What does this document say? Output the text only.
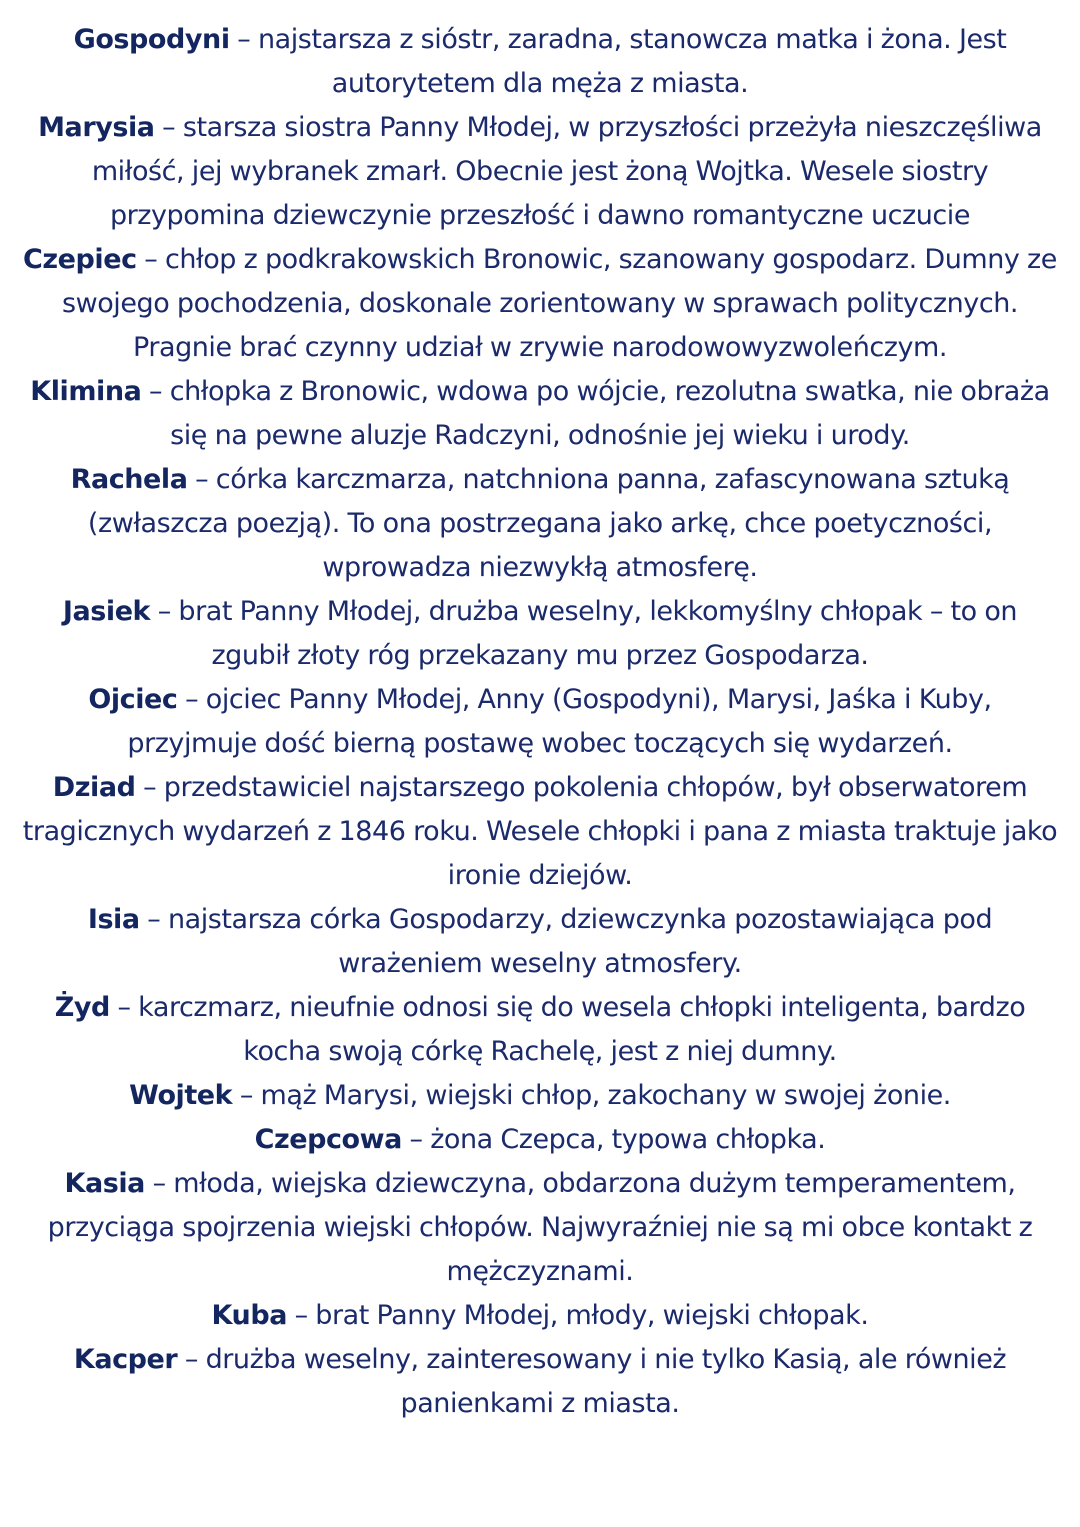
Gospodyni – najstarsza z sióstr, zaradna, stanowcza matka i żona. Jest autorytetem dla męża z miasta.

Marysia – starsza siostra Panny Młodej, w przyszłości przeżyła nieszczęśliwa miłość, jej wybranek zmarł. Obecnie jest żoną Wojtka. Wesele siostry przypomina dziewczynie przeszłość i dawno romantyczne uczucie

Czepiec – chłop z podkrakowskich Bronowic, szanowany gospodarz. Dumny ze swojego pochodzenia, doskonale zorientowany w sprawach politycznych. Pragnie brać czynny udział w zrywie narodowowyzwoleńczym.

Klimina – chłopka z Bronowic, wdowa po wójcie, rezolutna swatka, nie obraża się na pewne aluzje Radczyni, odnośnie jej wieku i urody.

Rachela – córka karczmarza, natchniona panna, zafascynowana sztuką (zwłaszcza poezją). To ona postrzegana jako arkę, chce poetyczności, wprowadza niezwykłą atmosferę.

Jasiek – brat Panny Młodej, drużba weselny, lekkomyślny chłopak – to on zgubił złoty róg przekazany mu przez Gospodarza.

Ojciec – ojciec Panny Młodej, Anny (Gospodyni), Marysi, Jaśka i Kuby, przyjmuje dość bierną postawę wobec toczących się wydarzeń.

Dziad – przedstawiciel najstarszego pokolenia chłopów, był obserwatorem tragicznych wydarzeń z 1846 roku. Wesele chłopki i pana z miasta traktuje jako ironie dziejów.

Isia – najstarsza córka Gospodarzy, dziewczynka pozostawiająca pod wrażeniem weselny atmosfery.

Żyd – karczmarz, nieufnie odnosi się do wesela chłopki inteligenta, bardzo kocha swoją córkę Rachelę, jest z niej dumny.

Wojtek – mąż Marysi, wiejski chłop, zakochany w swojej żonie.

Czepcowa – żona Czepca, typowa chłopka.

Kasia – młoda, wiejska dziewczyna, obdarzona dużym temperamentem, przyciąga spojrzenia wiejski chłopów. Najwyraźniej nie są mi obce kontakt z mężczyznami.

Kuba – brat Panny Młodej, młody, wiejski chłopak.

Kacper – drużba weselny, zainteresowany i nie tylko Kasią, ale również panienkami z miasta.
